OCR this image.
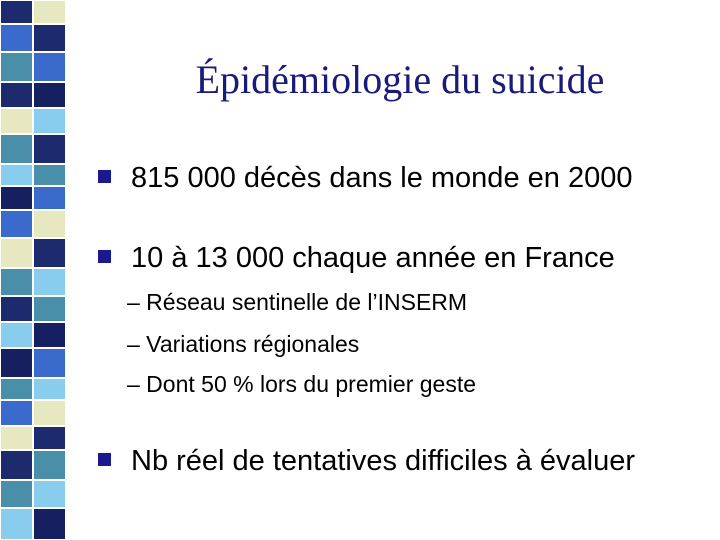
Épidémiologie du suicide
815 000 décès dans le monde en 2000
10 à 13 000 chaque année en France
– Réseau sentinelle de l’INSERM
– Variations régionales
– Dont 50 % lors du premier geste
Nb réel de tentatives difficiles à évaluer
